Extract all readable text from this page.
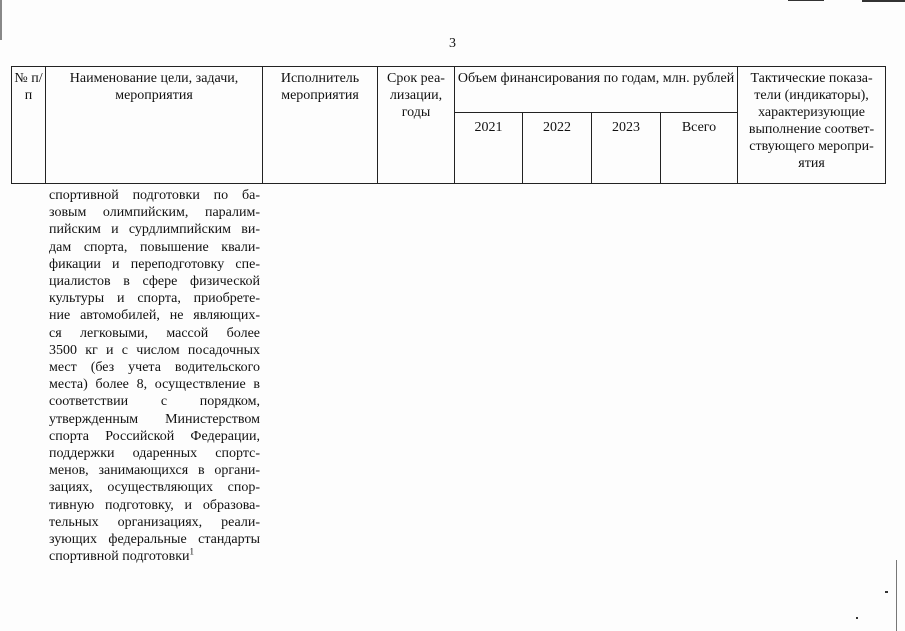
3
№ п/п	Наименование цели, задачи, мероприятия	Исполнитель мероприятия	Срок реа-лизации, годы	Объем финансирования по годам, млн. рублей				Тактические показа-тели (индикаторы), характеризующие выполнение соответ-ствующего меропри-ятия
				2021	2022	2023	Всего	
спортивной подготовки по ба-
зовым олимпийским, паралим-
пийским и сурдлимпийским ви-
дам спорта, повышение квали-
фикации и переподготовку спе-
циалистов в сфере физической
культуры и спорта, приобрете-
ние автомобилей, не являющих-
ся легковыми, массой более
3500 кг и с числом посадочных
мест (без учета водительского
места) более 8, осуществление в
соответствии с порядком,
утвержденным Министерством
спорта Российской Федерации,
поддержки одаренных спортс-
менов, занимающихся в органи-
зациях, осуществляющих спор-
тивную подготовку, и образова-
тельных организациях, реали-
зующих федеральные стандарты
спортивной подготовки$^1$
